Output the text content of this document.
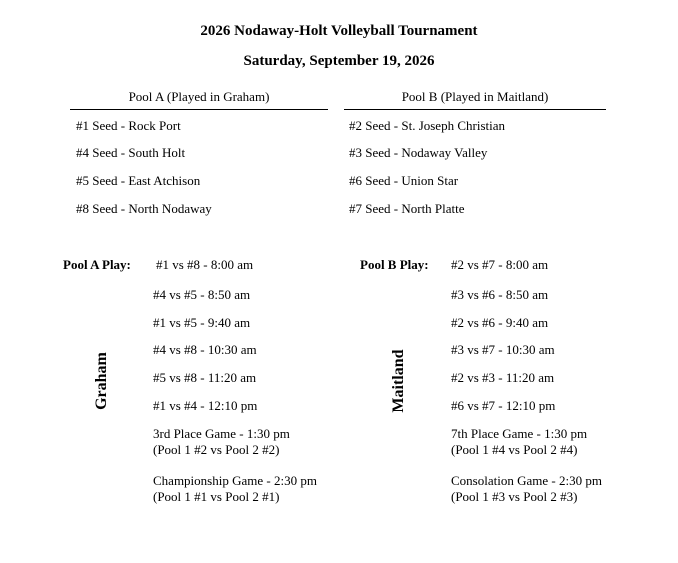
2026 Nodaway-Holt Volleyball Tournament
Saturday, September 19, 2026
Pool A (Played in Graham)	Pool B (Played in Maitland)
#1 Seed - Rock Port
#4 Seed - South Holt
#5 Seed - East Atchison
#8 Seed - North Nodaway
#2 Seed - St. Joseph Christian
#3 Seed - Nodaway Valley
#6 Seed - Union Star
#7 Seed - North Platte
Pool A Play: #1 vs #8 - 8:00 am
#4 vs #5 - 8:50 am
#1 vs #5 - 9:40 am
#4 vs #8 - 10:30 am
#5 vs #8 - 11:20 am
#1 vs #4 - 12:10 pm
3rd Place Game - 1:30 pm
(Pool 1 #2 vs Pool 2 #2)
Championship Game - 2:30 pm
(Pool 1 #1 vs Pool 2 #1)
Graham
Pool B Play: #2 vs #7 - 8:00 am
#3 vs #6 - 8:50 am
#2 vs #6 - 9:40 am
#3 vs #7 - 10:30 am
#2 vs #3 - 11:20 am
#6 vs #7 - 12:10 pm
7th Place Game - 1:30 pm
(Pool 1 #4 vs Pool 2 #4)
Consolation Game - 2:30 pm
(Pool 1 #3 vs Pool 2 #3)
Maitland
